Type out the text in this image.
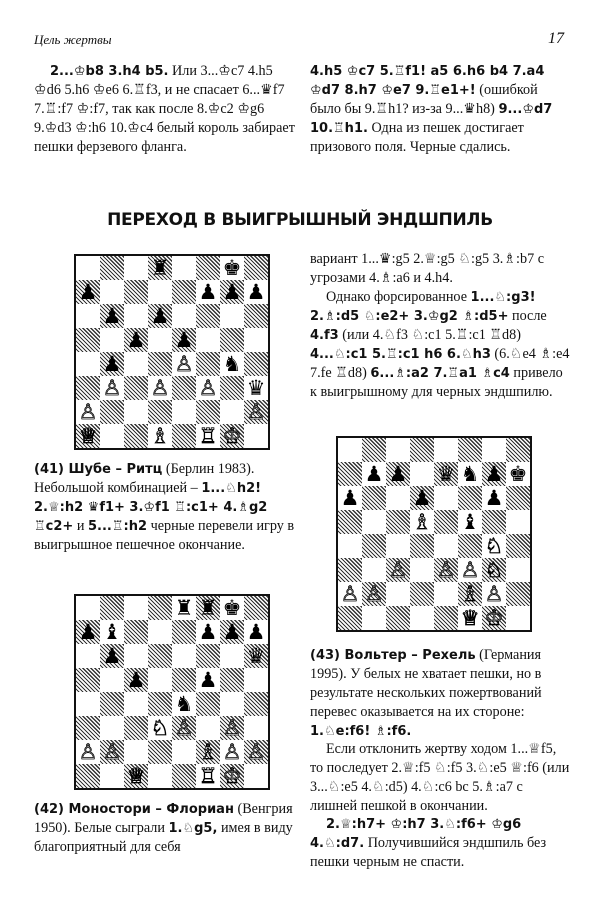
Цель жертвы	17

2...♔b8 3.h4 b5. Или 3...♔c7 4.h5 ♔d6 5.h6 ♔e6 6.♖f3, и не спасает 6...♛f7 7.♖:f7 ♔:f7, так как после 8.♔c2 ♔g6 9.♔d3 ♔:h6 10.♔c4 белый король забирает пешки ферзевого фланга.

4.h5 ♔c7 5.♖f1! a5 6.h6 b4 7.a4 ♔d7 8.h7 ♔e7 9.♖e1+! (ошибкой было бы 9.♖h1? из-за 9...♛h8) 9...♔d7 10.♖h1. Одна из пешек достигает призового поля. Черные сдались.

ПЕРЕХОД В ВЫИГРЫШНЫЙ ЭНДШПИЛЬ
♜	♚
♟	♟ ♟ ♟
♟ ♟
♟ ♟
♟	♙ ♞
♙ ♙ ♙ ♛
♙	♙
♕	♗ ♖ ♔

(41) Шубе – Ритц (Берлин 1983). Небольшой комбинацией – 1...♘h2! 2.♕:h2 ♛f1+ 3.♔f1 ♖:c1+ 4.♗g2 ♖c2+ и 5...♖:h2 черные перевели игру в выигрышное пешечное окончание.

♜ ♜ ♚
♟ ♝	♟ ♟ ♟
♟	♛
♟	♟
♞
♘ ♙ ♙
♙ ♙	♗ ♙ ♙
♕	♖ ♔

(42) Моностори – Флориан (Венгрия 1950). Белые сыграли 1.♘g5, имея в виду благоприятный для себя

вариант 1...♛:g5 2.♕:g5 ♘:g5 3.♗:b7 с угрозами 4.♗:a6 и 4.h4.

Однако форсированное 1...♘:g3! 2.♗:d5 ♘:e2+ 3.♔g2 ♗:d5+ после 4.f3 (или 4.♘f3 ♘:c1 5.♖:c1 ♖d8) 4...♘:c1 5.♖:c1 h6 6.♘h3 (6.♘e4 ♗:e4 7.fe ♖d8) 6...♗:a2 7.♖a1 ♗c4 привело к выигрышному для черных эндшпилю.

♟ ♟ ♛ ♞ ♟ ♚
♟	♟	♟
♗ ♝
♘
♙ ♙ ♙ ♘
♙ ♙	♗ ♙
♕ ♔

(43) Вольтер – Рехель (Германия 1995). У белых не хватает пешки, но в результате нескольких пожертвований перевес оказывается на их стороне: 1.♘e:f6! ♗:f6.

Если отклонить жертву ходом 1...♕f5, то последует 2.♕:f5 ♘:f5 3.♘:e5 ♕:f6 (или 3...♘:e5 4.♘:d5) 4.♘:c6 bc 5.♗:a7 с лишней пешкой в окончании.

2.♕:h7+ ♔:h7 3.♘:f6+ ♔g6 4.♘:d7. Получившийся эндшпиль без пешки черным не спасти.
